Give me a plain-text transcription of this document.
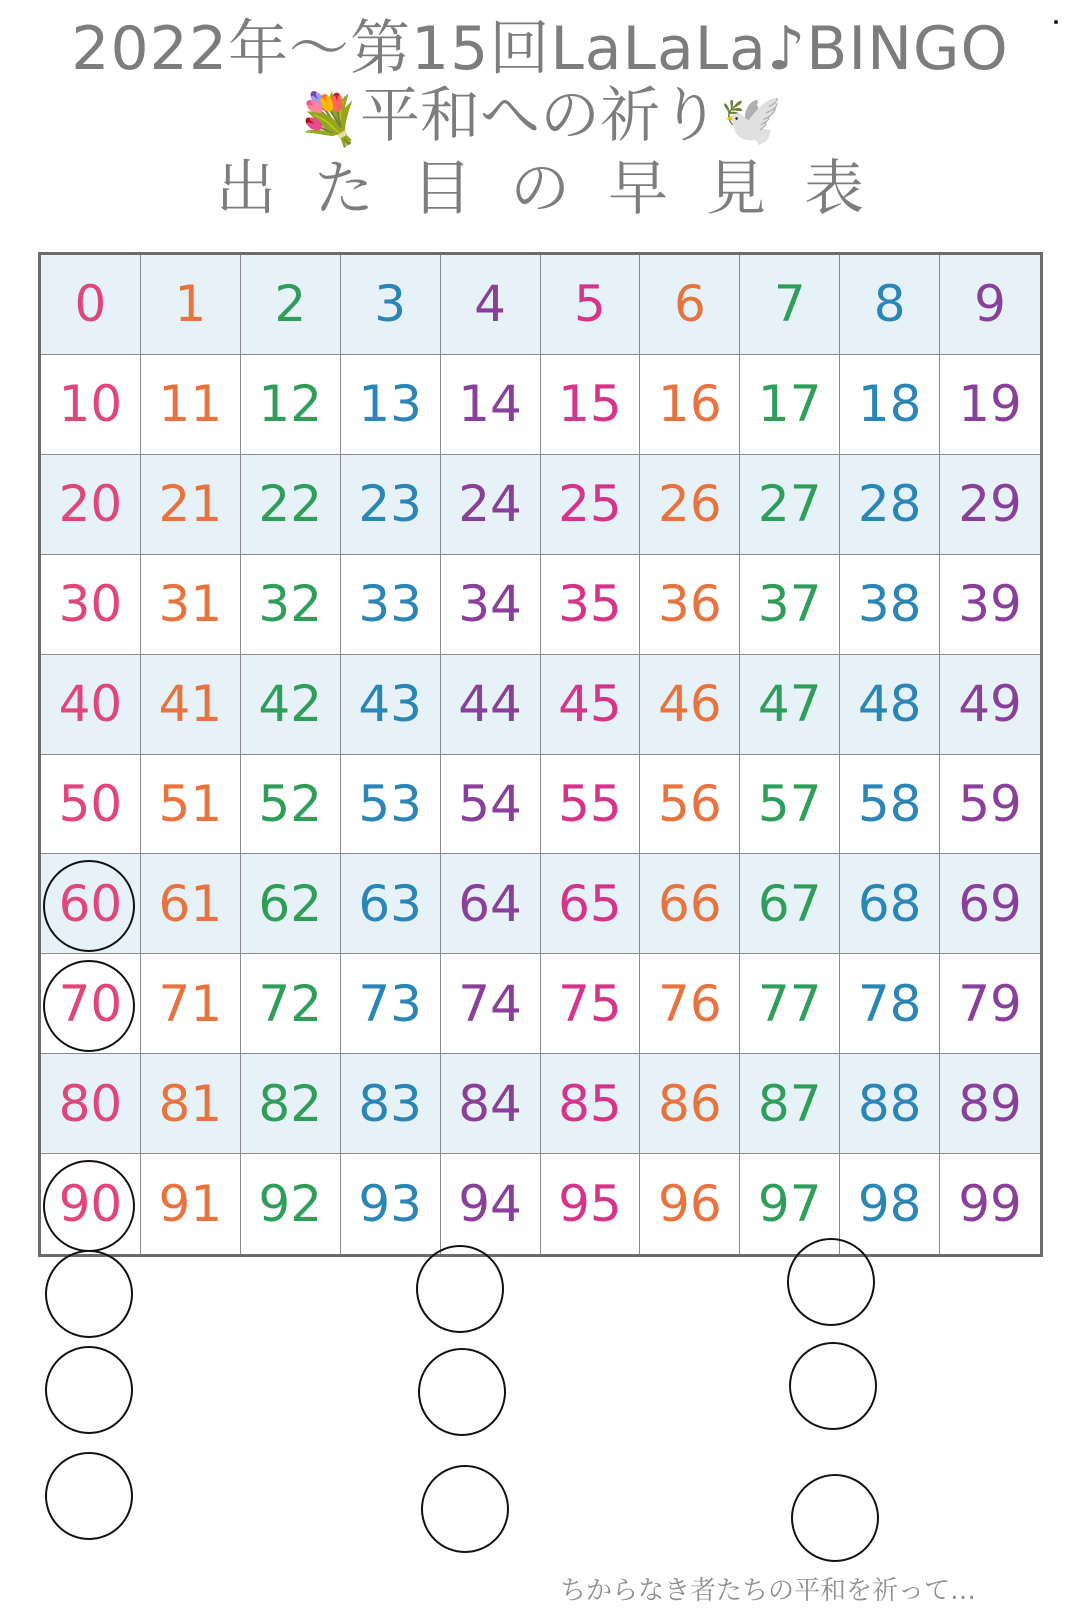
2022年〜第15回LaLaLa♪BINGO
💐平和への祈り🕊️
出た目の早見表
0	1	2	3	4	5	6	7	8	9
10 11 12 13 14 15 16 17 18 19
20 21 22 23 24 25 26 27 28 29
30 31 32 33 34 35 36 37 38 39
40 41 42 43 44 45 46 47 48 49
50 51 52 53 54 55 56 57 58 59
60 61 62 63 64 65 66 67 68 69
70 71 72 73 74 75 76 77 78 79
80 81 82 83 84 85 86 87 88 89
90 91 92 93 94 95 96 97 98 99
ちからなき者たちの平和を祈って…
